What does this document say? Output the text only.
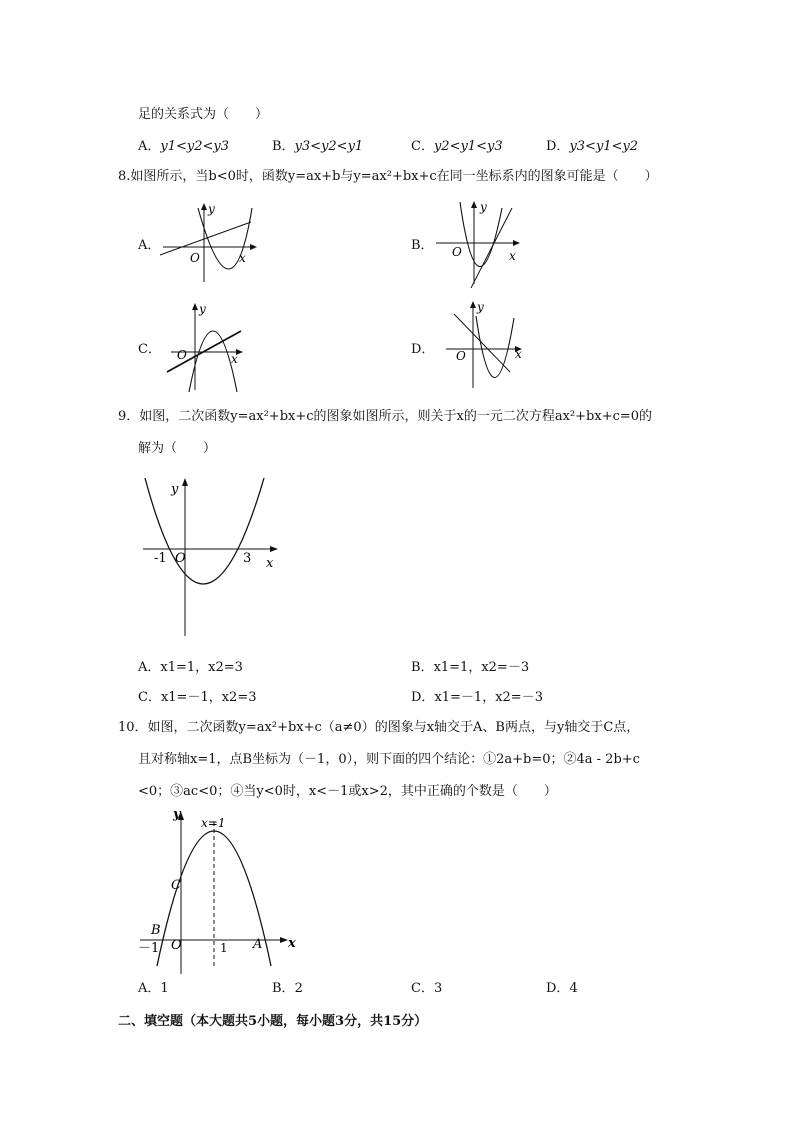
足的关系式为（　　）
A．y1<y2<y3	B．y3<y2<y1	C．y2<y1<y3	D．y3<y1<y2
8.如图所示，当b<0时，函数y=ax+b与y=ax²+bx+c在同一坐标系内的图象可能是（　　）
A．
y
x
O
B．
y
x
O
C．
y
x
O	D．
y
x
O
9．如图，二次函数y=ax²+bx+c的图象如图所示，则关于x的一元二次方程ax²+bx+c=0的
解为（　　）
y
x
O
-1	3
A．x1=1，x2=3	B．x1=1，x2=－3
C．x1=－1，x2=3	D．x1=－1，x2=－3
10．如图，二次函数y=ax²+bx+c（a≠0）的图象与x轴交于A、B两点，与y轴交于C点，
且对称轴x=1，点B坐标为（－1，0），则下面的四个结论：①2a+b=0；②4a - 2b+c
<0；③ac<0；④当y<0时，x<－1或x>2，其中正确的个数是（　　）
y
x
x=1
C
B
A
O
－1	1
A．1	B．2	C．3	D．4
二、填空题（本大题共5小题，每小题3分，共15分）
